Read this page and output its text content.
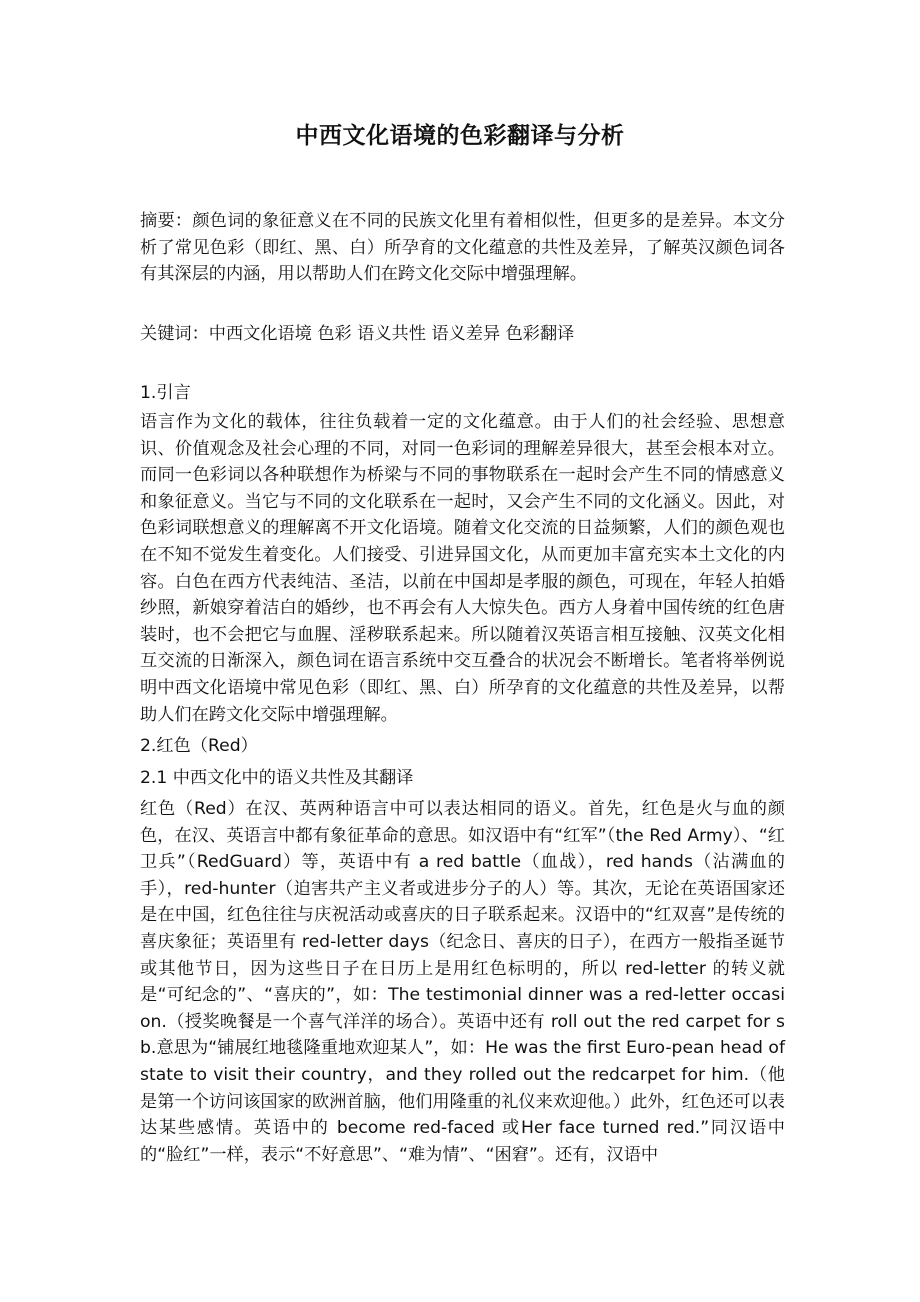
中西文化语境的色彩翻译与分析

摘要：颜色词的象征意义在不同的民族文化里有着相似性，但更多的是差异。本文分析了常见色彩（即红、黑、白）所孕育的文化蕴意的共性及差异，了解英汉颜色词各有其深层的内涵，用以帮助人们在跨文化交际中增强理解。

关键词：中西文化语境 色彩 语义共性 语义差异 色彩翻译

1.引言

语言作为文化的载体，往往负载着一定的文化蕴意。由于人们的社会经验、思想意识、价值观念及社会心理的不同，对同一色彩词的理解差异很大，甚至会根本对立。而同一色彩词以各种联想作为桥梁与不同的事物联系在一起时会产生不同的情感意义和象征意义。当它与不同的文化联系在一起时，又会产生不同的文化涵义。因此，对色彩词联想意义的理解离不开文化语境。随着文化交流的日益频繁，人们的颜色观也在不知不觉发生着变化。人们接受、引进异国文化，从而更加丰富充实本土文化的内容。白色在西方代表纯洁、圣洁，以前在中国却是孝服的颜色，可现在，年轻人拍婚纱照，新娘穿着洁白的婚纱，也不再会有人大惊失色。西方人身着中国传统的红色唐装时，也不会把它与血腥、淫秽联系起来。所以随着汉英语言相互接触、汉英文化相互交流的日渐深入，颜色词在语言系统中交互叠合的状况会不断增长。笔者将举例说明中西文化语境中常见色彩（即红、黑、白）所孕育的文化蕴意的共性及差异，以帮助人们在跨文化交际中增强理解。

2.红色（Red）

2.1 中西文化中的语义共性及其翻译

红色（Red）在汉、英两种语言中可以表达相同的语义。首先，红色是火与血的颜色，在汉、英语言中都有象征革命的意思。如汉语中有“红军”（the Red Army）、“红卫兵”（RedGuard）等，英语中有 a red battle（血战），red hands（沾满血的手），red-hunter（迫害共产主义者或进步分子的人）等。其次，无论在英语国家还是在中国，红色往往与庆祝活动或喜庆的日子联系起来。汉语中的“红双喜”是传统的喜庆象征；英语里有 red-letter days（纪念日、喜庆的日子），在西方一般指圣诞节或其他节日，因为这些日子在日历上是用红色标明的，所以 red-letter 的转义就是“可纪念的”、“喜庆的”，如：The testimonial dinner was a red-letter occasion.（授奖晚餐是一个喜气洋洋的场合）。英语中还有 roll out the red carpet for sb.意思为“铺展红地毯隆重地欢迎某人”，如：He was the first Euro-pean head of state to visit their country，and they rolled out the redcarpet for him.（他是第一个访问该国家的欧洲首脑，他们用隆重的礼仪来欢迎他。）此外，红色还可以表达某些感情。英语中的 become red-faced 或Her face turned red.”同汉语中的“脸红”一样，表示“不好意思”、“难为情”、“困窘”。还有，汉语中
